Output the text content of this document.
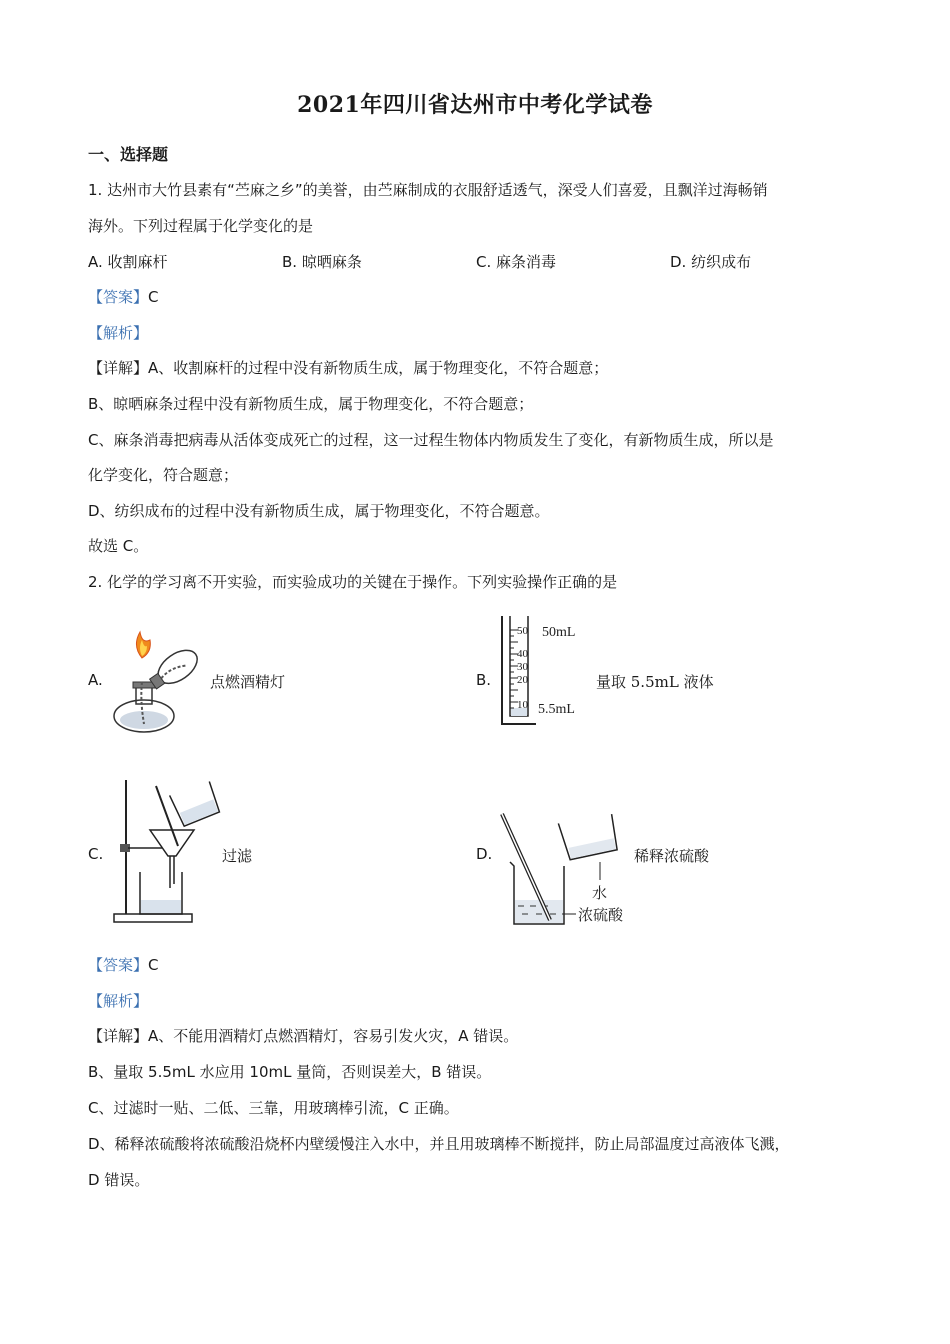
2021年四川省达州市中考化学试卷
一、选择题
1. 达州市大竹县素有“苎麻之乡”的美誉，由苎麻制成的衣服舒适透气，深受人们喜爱，且飘洋过海畅销
海外。下列过程属于化学变化的是
A. 收割麻杆	B. 晾晒麻条	C. 麻条消毒	D. 纺织成布
【答案】C
【解析】
【详解】A、收割麻杆的过程中没有新物质生成，属于物理变化，不符合题意；
B、晾晒麻条过程中没有新物质生成，属于物理变化，不符合题意；
C、麻条消毒把病毒从活体变成死亡的过程，这一过程生物体内物质发生了变化，有新物质生成，所以是
化学变化，符合题意；
D、纺织成布的过程中没有新物质生成，属于物理变化，不符合题意。
故选 C。
2. 化学的学习离不开实验，而实验成功的关键在于操作。下列实验操作正确的是
A.	点燃酒精灯	B.
50
40
30
20
10
50mL
5.5mL
量取 5.5mL 液体
C.	过滤	D.
水
浓硫酸
稀释浓硫酸
【答案】C
【解析】
【详解】A、不能用酒精灯点燃酒精灯，容易引发火灾，A 错误。
B、量取 5.5mL 水应用 10mL 量筒，否则误差大，B 错误。
C、过滤时一贴、二低、三靠，用玻璃棒引流，C 正确。
D、稀释浓硫酸将浓硫酸沿烧杯内壁缓慢注入水中，并且用玻璃棒不断搅拌，防止局部温度过高液体飞溅，
D 错误。
